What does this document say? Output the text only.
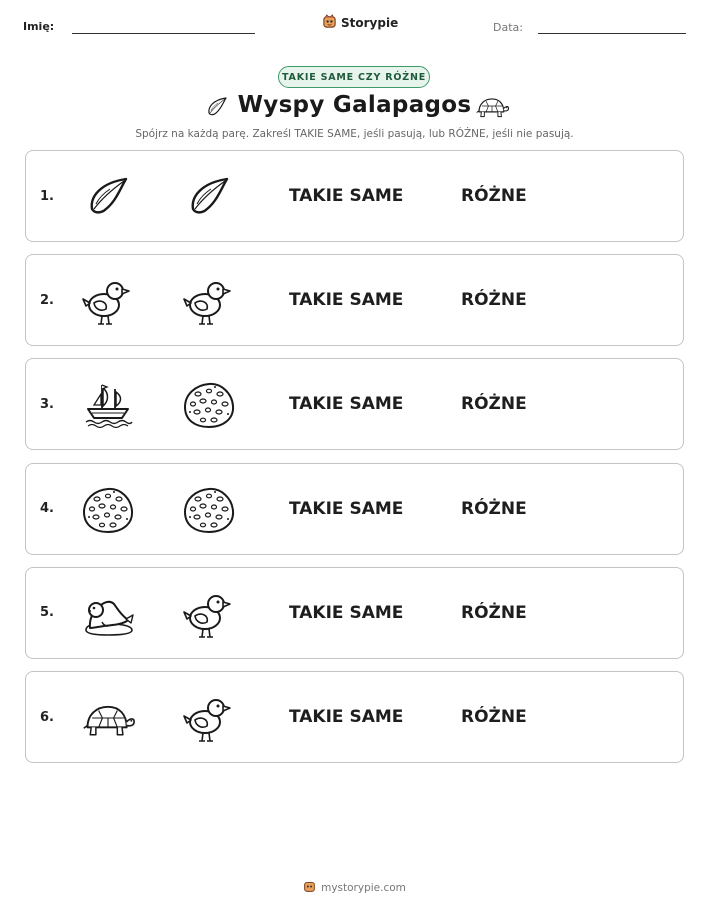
Imię:	Storypie	Data:
TAKIE SAME CZY RÓŻNE
Wyspy Galapagos
Spójrz na każdą parę. Zakreśl TAKIE SAME, jeśli pasują, lub RÓŻNE, jeśli nie pasują.
1.	TAKIE SAME	RÓŻNE
2.	TAKIE SAME	RÓŻNE
3.	TAKIE SAME	RÓŻNE
4.	TAKIE SAME	RÓŻNE
5.	TAKIE SAME	RÓŻNE
6.	TAKIE SAME	RÓŻNE
mystorypie.com
